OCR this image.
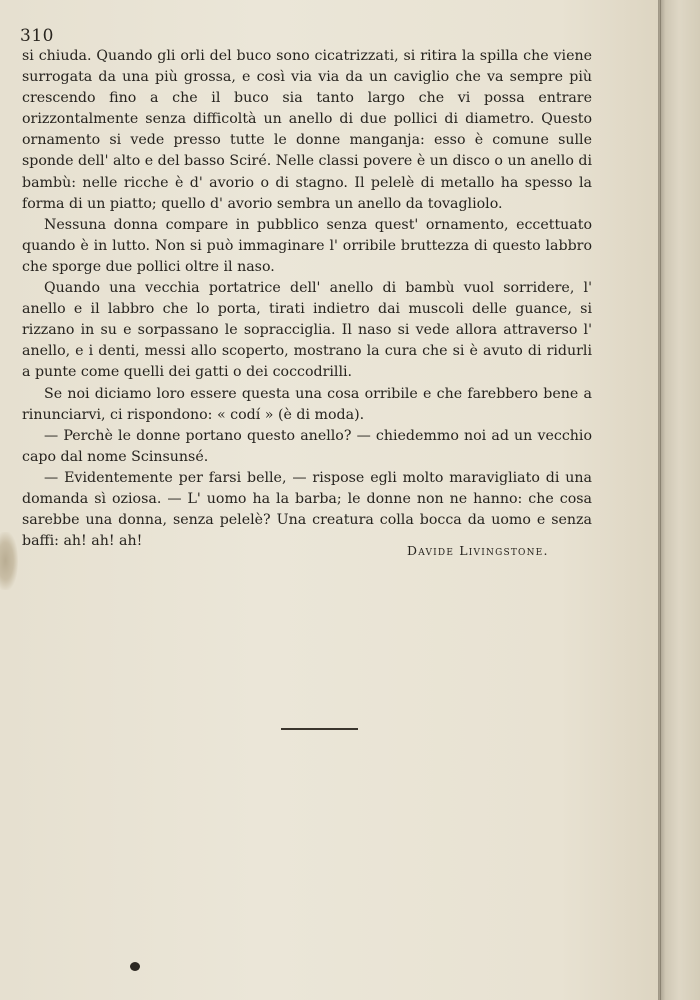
310

si chiuda. Quando gli orli del buco sono cicatrizzati, si ritira la spilla che viene surrogata da una più grossa, e così via via da un caviglio che va sempre più crescendo fino a che il buco sia tanto largo che vi possa entrare orizzontalmente senza difficoltà un anello di due pollici di diametro. Questo ornamento si vede presso tutte le donne manganja: esso è comune sulle sponde dell' alto e del basso Sciré. Nelle classi povere è un disco o un anello di bambù: nelle ricche è d' avorio o di stagno. Il pelelè di metallo ha spesso la forma di un piatto; quello d' avorio sembra un anello da tovagliolo.

Nessuna donna compare in pubblico senza quest' ornamento, eccettuato quando è in lutto. Non si può immaginare l' orribile bruttezza di questo labbro che sporge due pollici oltre il naso.

Quando una vecchia portatrice dell' anello di bambù vuol sorridere, l' anello e il labbro che lo porta, tirati indietro dai muscoli delle guance, si rizzano in su e sorpassano le sopracciglia. Il naso si vede allora attraverso l' anello, e i denti, messi allo scoperto, mostrano la cura che si è avuto di ridurli a punte come quelli dei gatti o dei coccodrilli.

Se noi diciamo loro essere questa una cosa orribile e che farebbero bene a rinunciarvi, ci rispondono: « codí » (è di moda).

— Perchè le donne portano questo anello? — chiedemmo noi ad un vecchio capo dal nome Scinsunsé.

— Evidentemente per farsi belle, — rispose egli molto maravigliato di una domanda sì oziosa. — L' uomo ha la barba; le donne non ne hanno: che cosa sarebbe una donna, senza pelelè? Una creatura colla bocca da uomo e senza baffi: ah! ah! ah!

Davide Livingstone.
